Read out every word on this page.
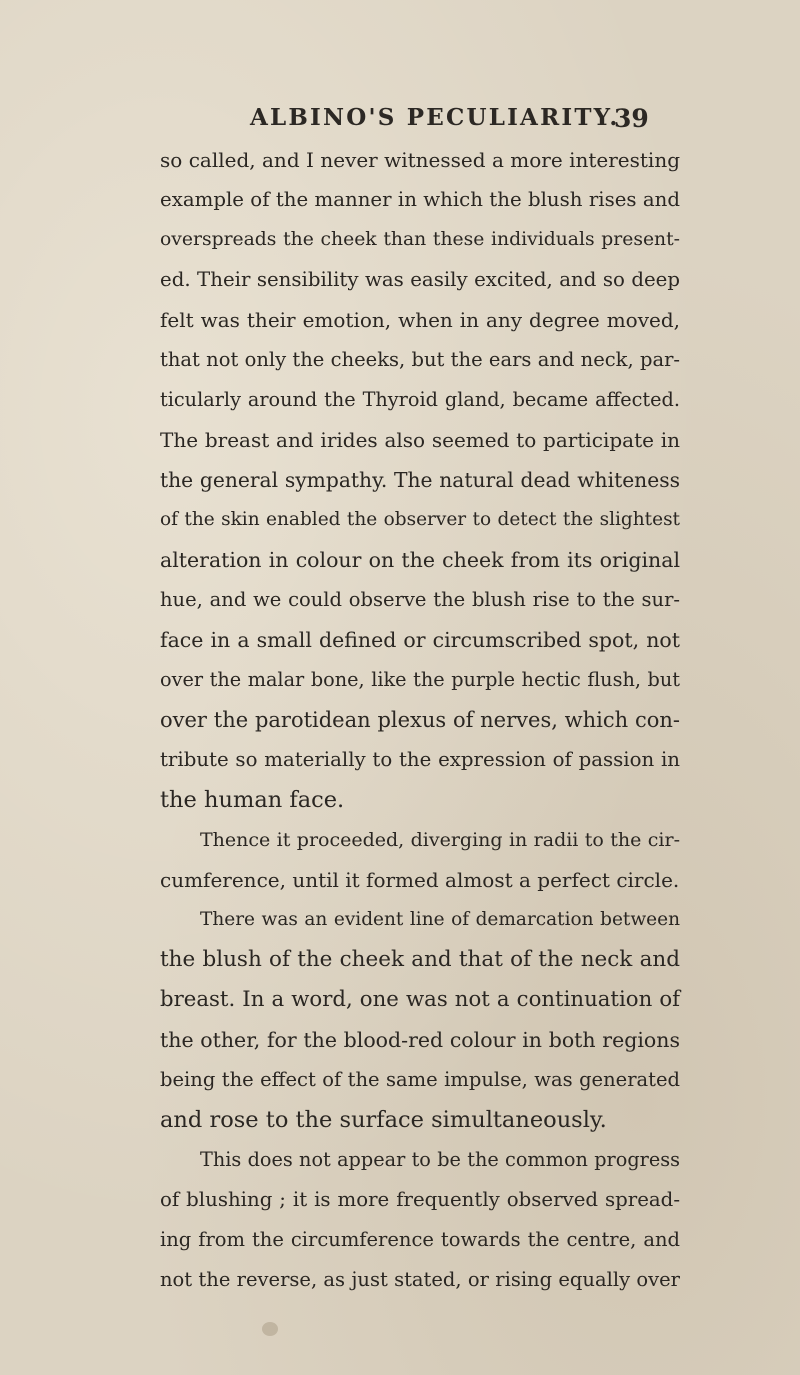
ALBINO'S PECULIARITY.
39
so called, and I never witnessed a more interesting
example of the manner in which the blush rises and
overspreads the cheek than these individuals present-
ed. Their sensibility was easily excited, and so deep
felt was their emotion, when in any degree moved,
that not only the cheeks, but the ears and neck, par-
ticularly around the Thyroid gland, became affected.
The breast and irides also seemed to participate in
the general sympathy. The natural dead whiteness
of the skin enabled the observer to detect the slightest
alteration in colour on the cheek from its original
hue, and we could observe the blush rise to the sur-
face in a small defined or circumscribed spot, not
over the malar bone, like the purple hectic flush, but
over the parotidean plexus of nerves, which con-
tribute so materially to the expression of passion in
the human face.
Thence it proceeded, diverging in radii to the cir-
cumference, until it formed almost a perfect circle.
There was an evident line of demarcation between
the blush of the cheek and that of the neck and
breast. In a word, one was not a continuation of
the other, for the blood-red colour in both regions
being the effect of the same impulse, was generated
and rose to the surface simultaneously.
This does not appear to be the common progress
of blushing ; it is more frequently observed spread-
ing from the circumference towards the centre, and
not the reverse, as just stated, or rising equally over
